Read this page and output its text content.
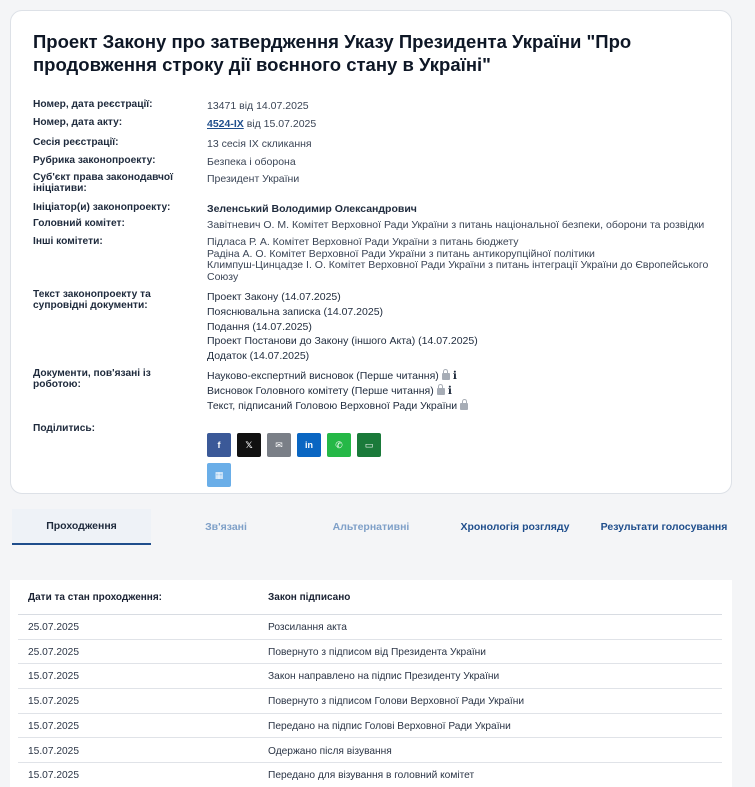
Проект Закону про затвердження Указу Президента України "Про продовження строку дії воєнного стану в Україні"
Номер, дата реєстрації:	13471 від 14.07.2025
Номер, дата акту:	4524-IX від 15.07.2025
Сесія реєстрації:	13 сесія IX скликання
Рубрика законопроекту:	Безпека і оборона
Суб'єкт права законодавчої ініціативи:
Президент України
Ініціатор(и) законопроекту:	Зеленський Володимир Олександрович
Головний комітет:	Завітневич О. М. Комітет Верховної Ради України з питань національної безпеки, оборони та розвідки
Інші комітети:	Підласа Р. А. Комітет Верховної Ради України з питань бюджету
Радіна А. О. Комітет Верховної Ради України з питань антикорупційної політики
Климпуш-Цинцадзе І. О. Комітет Верховної Ради України з питань інтеграції України до Європейського Союзу
Текст законопроекту та супровідні документи:
Проект Закону (14.07.2025)
Пояснювальна записка (14.07.2025)
Подання (14.07.2025)
Проект Постанови до Закону (іншого Акта) (14.07.2025)
Додаток (14.07.2025)
Документи, пов'язані із роботою:
Науково-експертний висновок (Перше читання) ℹ
Висновок Головного комітету (Перше читання) ℹ
Текст, підписаний Головою Верховної Ради України
Поділитись:
f	𝕏	✉	in	✆	▭
▦
Проходження	Зв'язані	Альтернативні	Хронологія розгляду	Результати голосування
Дати та стан проходження:	Закон підписано
25.07.2025	Розсилання акта
25.07.2025	Повернуто з підписом від Президента України
15.07.2025	Закон направлено на підпис Президенту України
15.07.2025	Повернуто з підписом Голови Верховної Ради України
15.07.2025	Передано на підпис Голові Верховної Ради України
15.07.2025	Одержано після візування
15.07.2025	Передано для візування в головний комітет
